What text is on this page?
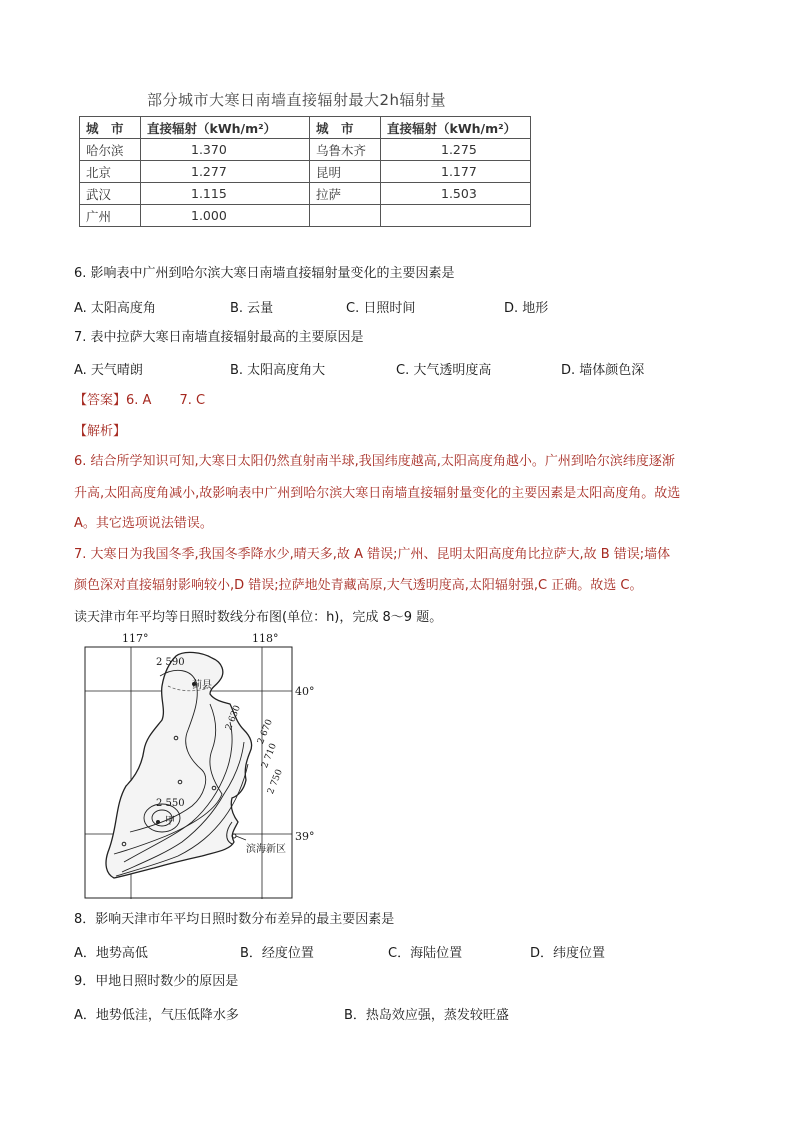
部分城市大寒日南墙直接辐射最大2h辐射量
城　市	直接辐射（kWh/m²）	城　市	直接辐射（kWh/m²）
哈尔滨	1.370	乌鲁木齐	1.275
北京	1.277	昆明	1.177
武汉	1.115	拉萨	1.503
广州	1.000		
6. 影响表中广州到哈尔滨大寒日南墙直接辐射量变化的主要因素是
A. 太阳高度角	B. 云量	C. 日照时间	D. 地形
7. 表中拉萨大寒日南墙直接辐射最高的主要原因是
A. 天气晴朗	B. 太阳高度角大	C. 大气透明度高	D. 墙体颜色深
【答案】6. A 7. C
【解析】
6. 结合所学知识可知,大寒日太阳仍然直射南半球,我国纬度越高,太阳高度角越小。广州到哈尔滨纬度逐渐
升高,太阳高度角减小,故影响表中广州到哈尔滨大寒日南墙直接辐射量变化的主要因素是太阳高度角。故选
A。其它选项说法错误。
7. 大寒日为我国冬季,我国冬季降水少,晴天多,故 A 错误;广州、昆明太阳高度角比拉萨大,故 B 错误;墙体
颜色深对直接辐射影响较小,D 错误;拉萨地处青藏高原,大气透明度高,太阳辐射强,C 正确。故选 C。
读天津市年平均等日照时数线分布图(单位：h)，完成 8～9 题。
117°	118°
40°
39°
2 590
蓟县
2 630
2 670
2 710
2 750
2 550
甲
滨海新区
8．影响天津市年平均日照时数分布差异的最主要因素是
A．地势高低	B．经度位置	C．海陆位置	D．纬度位置
9．甲地日照时数少的原因是
A．地势低洼，气压低降水多	B．热岛效应强，蒸发较旺盛
